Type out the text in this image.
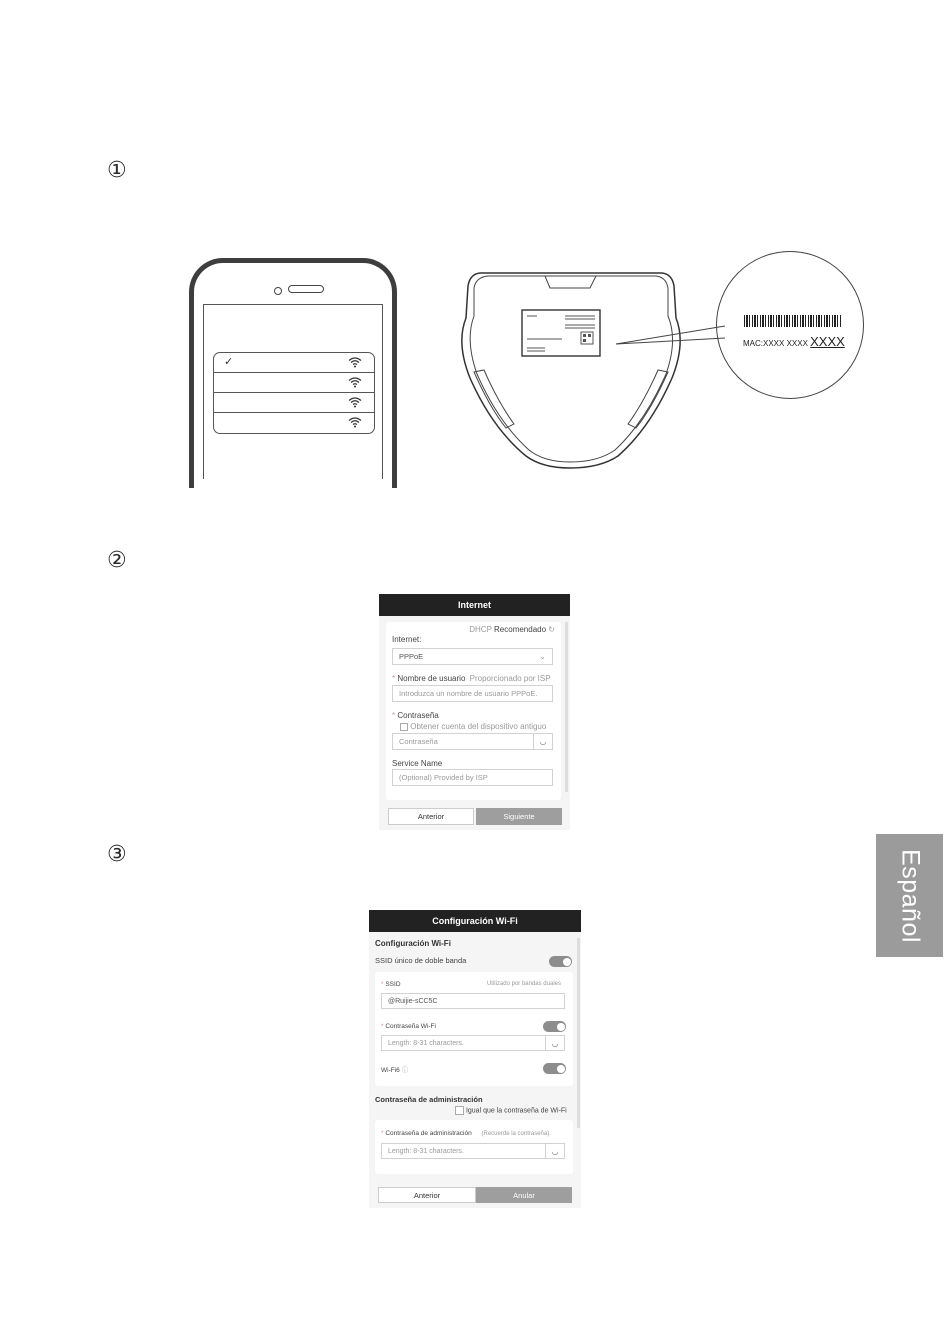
①
②
③
✓
MAC:XXXX XXXX XXXX
Internet
DHCP Recomendado ↻
Internet:
PPPoE	⌄
* Nombre de usuario Proporcionado por ISP
Introduzca un nombre de usuario PPPoE.
* Contraseña
Obtener cuenta del dispositivo antiguo
Contraseña	◡
Service Name
(Optional) Provided by ISP
Anterior	Siguiente
Configuración Wi-Fi
Configuración Wi-Fi
SSID único de doble banda
* SSID	Utilizado por bandas duales
@Ruijie-sCC5C
* Contraseña Wi-Fi
Length: 8-31 characters.	◡
Wi-Fi6 ⓘ
Contraseña de administración
Igual que la contraseña de Wi-Fi
* Contraseña de administración (Recuerde la contraseña).
Length: 8-31 characters.	◡
Anterior	Anular
Español
